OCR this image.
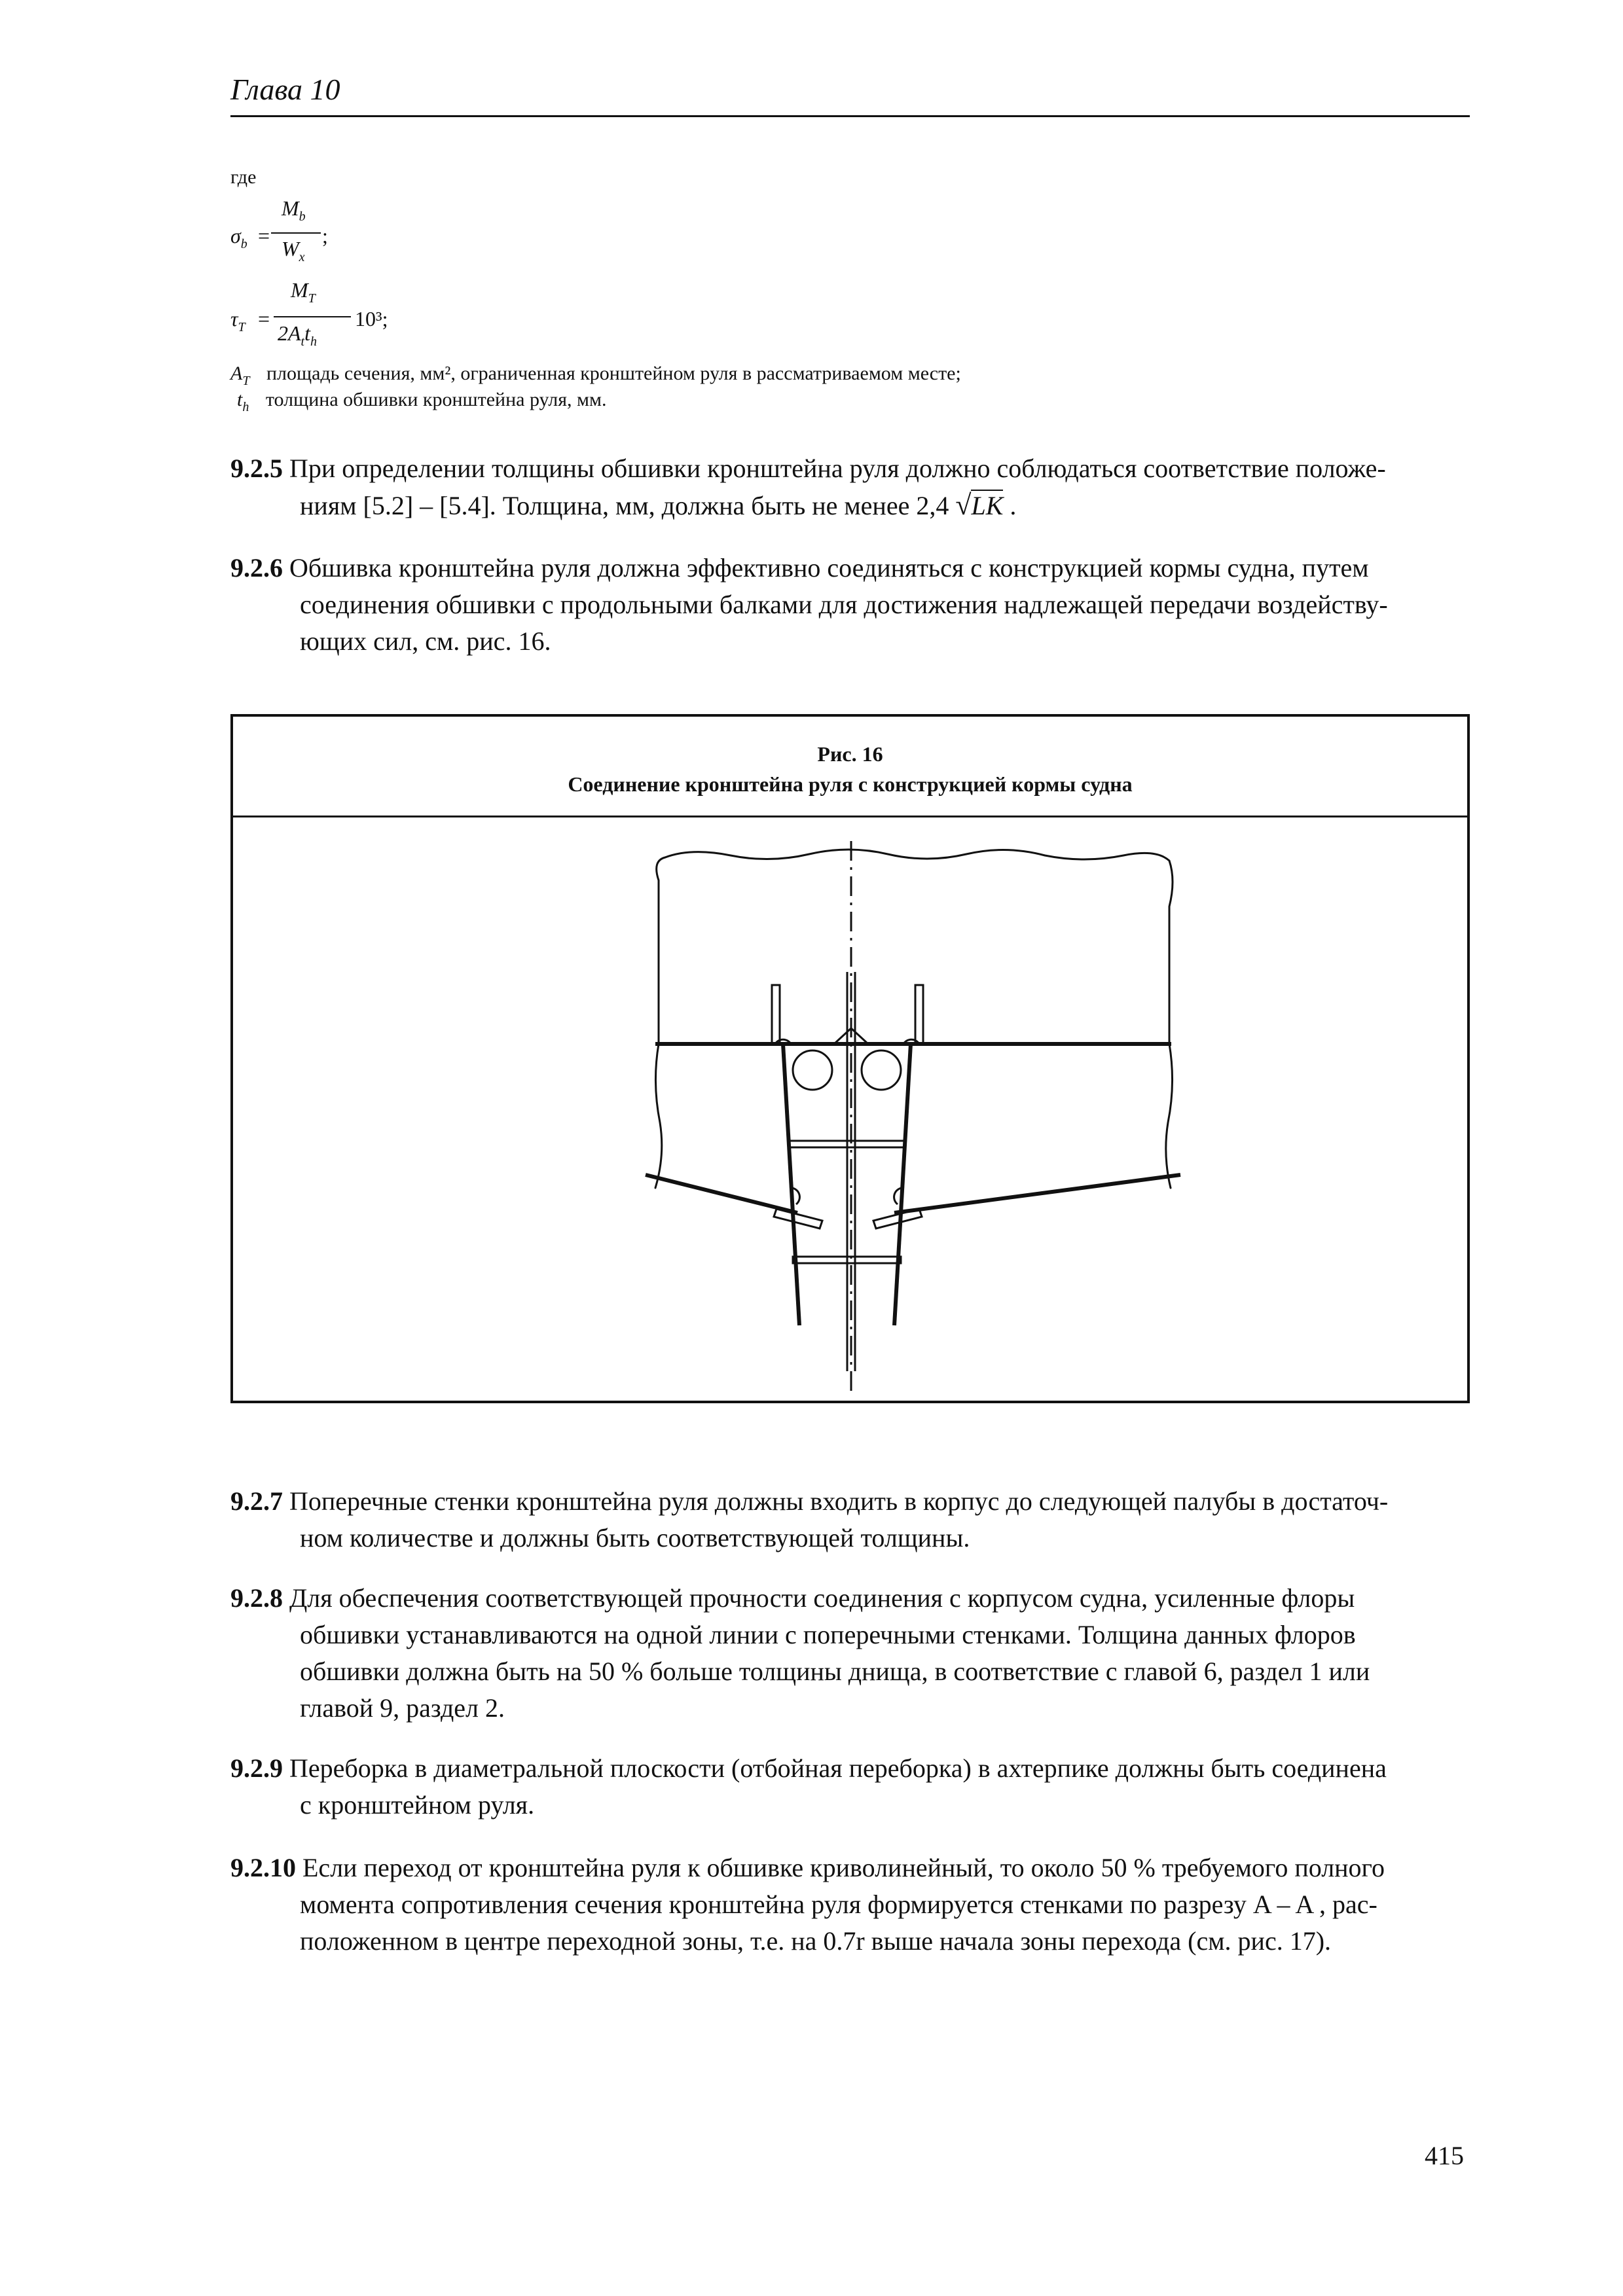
Глава 10
где
$\sigma_b$ =
$M_b$
$W_x$
;
$\tau_T$ =
$M_T$
$2A_tt_h$
10³;
$A_T$ площадь сечения, мм², ограниченная кронштейном руля в рассматриваемом месте;
$t_h$ толщина обшивки кронштейна руля, мм.
9.2.5 При определении толщины обшивки кронштейна руля должно соблюдаться соответствие положе-
ниям [5.2] – [5.4]. Толщина, мм, должна быть не менее 2,4 √LK .
9.2.6 Обшивка кронштейна руля должна эффективно соединяться с конструкцией кормы судна, путем
соединения обшивки с продольными балками для достижения надлежащей передачи воздейству-
ющих сил, см. рис. 16.
Рис. 16
Соединение кронштейна руля с конструкцией кормы судна
9.2.7 Поперечные стенки кронштейна руля должны входить в корпус до следующей палубы в достаточ-
ном количестве и должны быть соответствующей толщины.
9.2.8 Для обеспечения соответствующей прочности соединения с корпусом судна, усиленные флоры
обшивки устанавливаются на одной линии с поперечными стенками. Толщина данных флоров
обшивки должна быть на 50 % больше толщины днища, в соответствие с главой 6, раздел 1 или
главой 9, раздел 2.
9.2.9 Переборка в диаметральной плоскости (отбойная переборка) в ахтерпике должны быть соединена
с кронштейном руля.
9.2.10 Если переход от кронштейна руля к обшивке криволинейный, то около 50 % требуемого полного
момента сопротивления сечения кронштейна руля формируется стенками по разрезу A – A , рас-
положенном в центре переходной зоны, т.е. на 0.7r выше начала зоны перехода (см. рис. 17).
415
